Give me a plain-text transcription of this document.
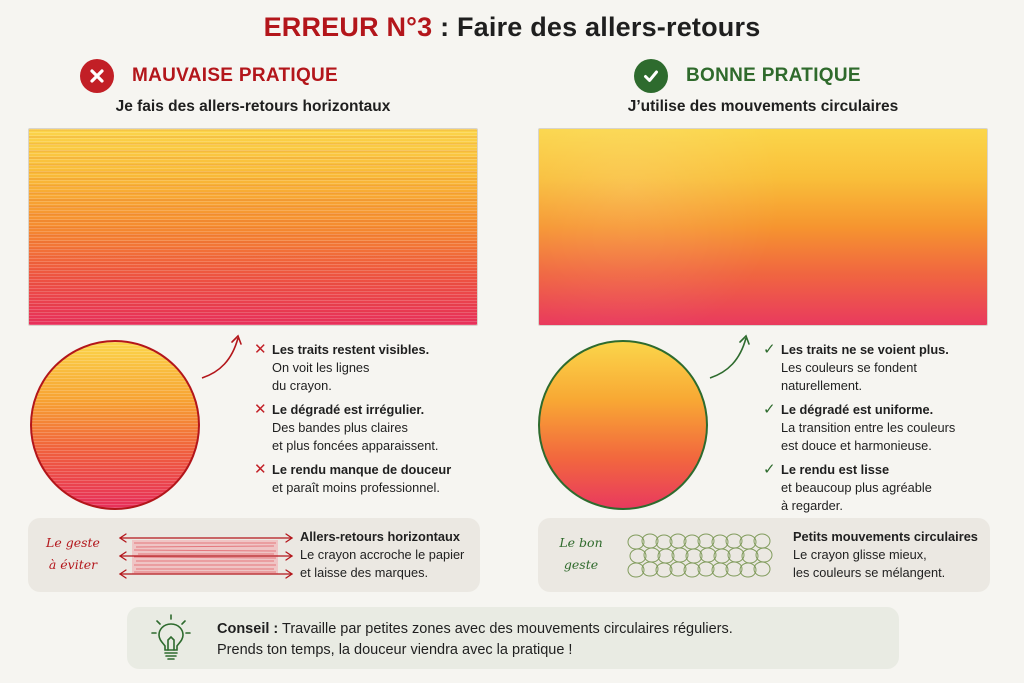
ERREUR N°3 : Faire des allers-retours
MAUVAISE PRATIQUE
Je fais des allers-retours horizontaux
BONNE PRATIQUE
J’utilise des mouvements circulaires
✕ Les traits restent visibles.
On voit les lignes
du crayon.
✕ Le dégradé est irrégulier.
Des bandes plus claires
et plus foncées apparaissent.
✕ Le rendu manque de douceur
et paraît moins professionnel.
✓ Les traits ne se voient plus.
Les couleurs se fondent
naturellement.
✓ Le dégradé est uniforme.
La transition entre les couleurs
est douce et harmonieuse.
✓ Le rendu est lisse
et beaucoup plus agréable
à regarder.
Le geste
à éviter
Allers-retours horizontaux
Le crayon accroche le papier
et laisse des marques.
Le bon
geste
Petits mouvements circulaires
Le crayon glisse mieux,
les couleurs se mélangent.
Conseil : Travaille par petites zones avec des mouvements circulaires réguliers.
Prends ton temps, la douceur viendra avec la pratique !
